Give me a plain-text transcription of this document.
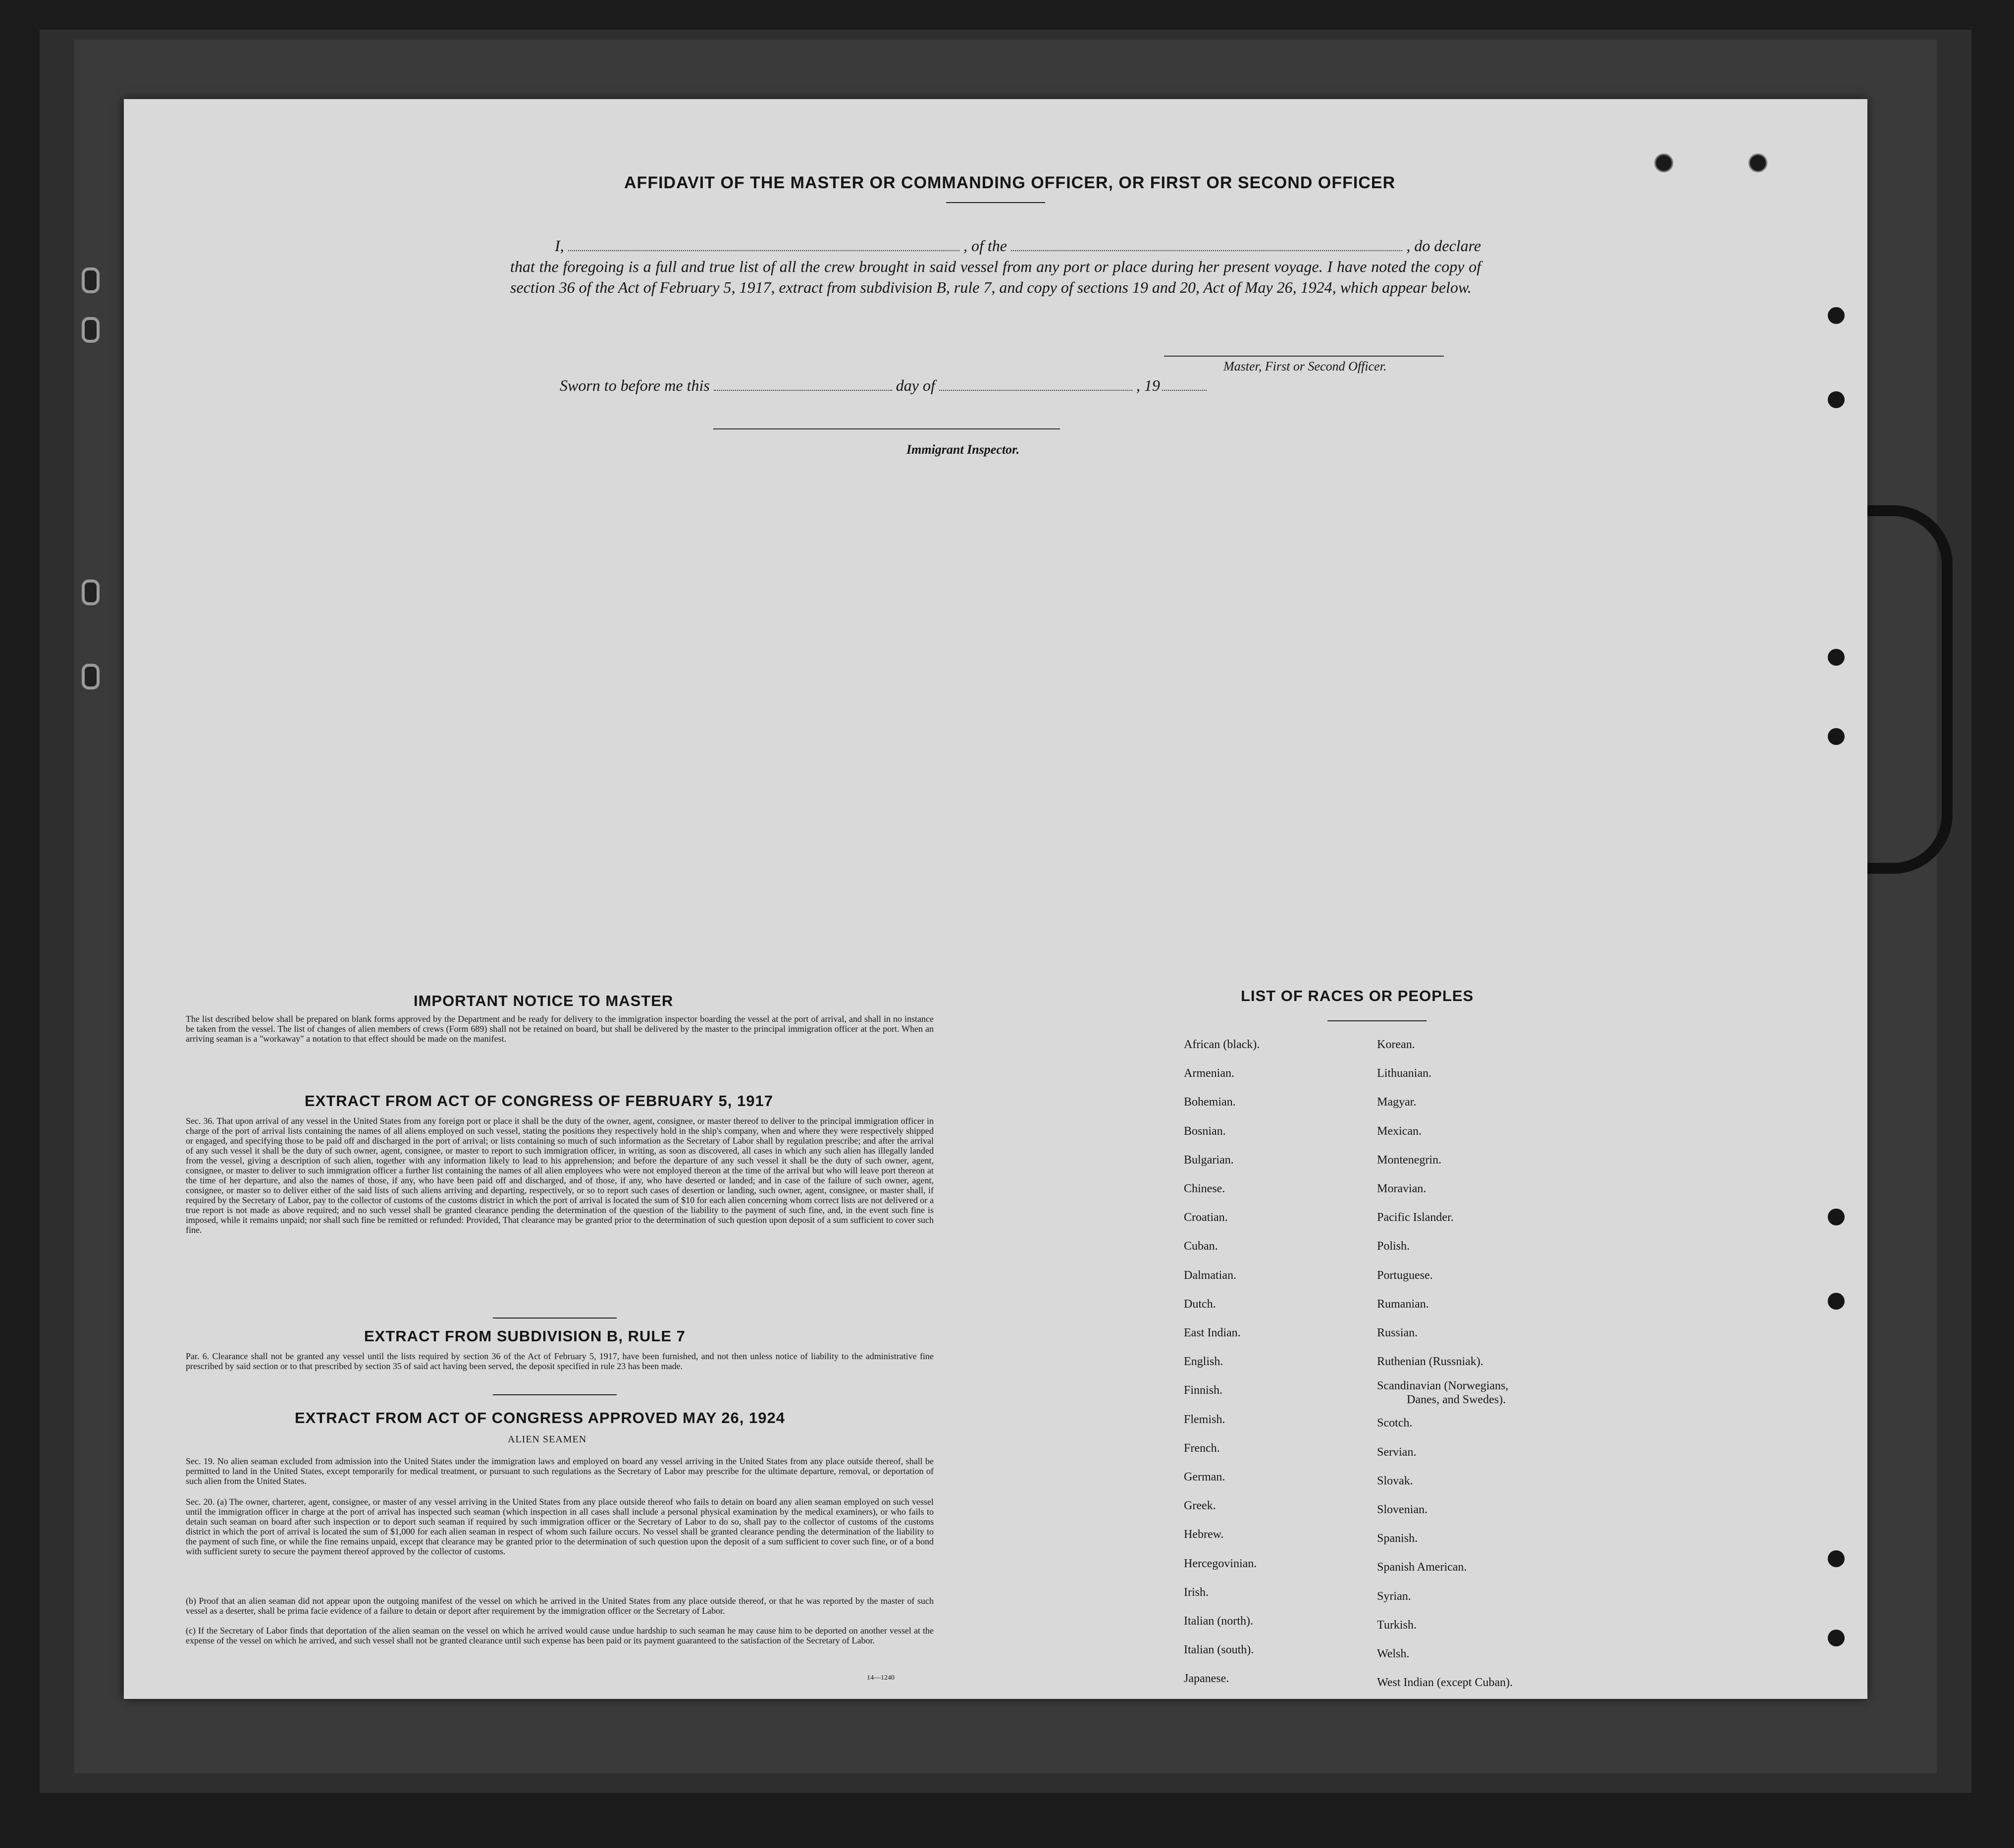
AFFIDAVIT OF THE MASTER OR COMMANDING OFFICER, OR FIRST OR SECOND OFFICER
I,	, of the	, do declare
that the foregoing is a full and true list of all the crew brought in said vessel from any port or place during her present voyage. I have noted the copy of section 36 of the Act of February 5, 1917, extract from subdivision B, rule 7, and copy of sections 19 and 20, Act of May 26, 1924, which appear below.
Master, First or Second Officer.
Sworn to before me this	day of	, 19
Immigrant Inspector.
IMPORTANT NOTICE TO MASTER
The list described below shall be prepared on blank forms approved by the Department and be ready for delivery to the immigration inspector boarding the vessel at the port of arrival, and shall in no instance be taken from the vessel. The list of changes of alien members of crews (Form 689) shall not be retained on board, but shall be delivered by the master to the principal immigration officer at the port. When an arriving seaman is a "workaway" a notation to that effect should be made on the manifest.
EXTRACT FROM ACT OF CONGRESS OF FEBRUARY 5, 1917
Sec. 36. That upon arrival of any vessel in the United States from any foreign port or place it shall be the duty of the owner, agent, consignee, or master thereof to deliver to the principal immigration officer in charge of the port of arrival lists containing the names of all aliens employed on such vessel, stating the positions they respectively hold in the ship's company, when and where they were respectively shipped or engaged, and specifying those to be paid off and discharged in the port of arrival; or lists containing so much of such information as the Secretary of Labor shall by regulation prescribe; and after the arrival of any such vessel it shall be the duty of such owner, agent, consignee, or master to report to such immigration officer, in writing, as soon as discovered, all cases in which any such alien has illegally landed from the vessel, giving a description of such alien, together with any information likely to lead to his apprehension; and before the departure of any such vessel it shall be the duty of such owner, agent, consignee, or master to deliver to such immigration officer a further list containing the names of all alien employees who were not employed thereon at the time of the arrival but who will leave port thereon at the time of her departure, and also the names of those, if any, who have been paid off and discharged, and of those, if any, who have deserted or landed; and in case of the failure of such owner, agent, consignee, or master so to deliver either of the said lists of such aliens arriving and departing, respectively, or so to report such cases of desertion or landing, such owner, agent, consignee, or master shall, if required by the Secretary of Labor, pay to the collector of customs of the customs district in which the port of arrival is located the sum of $10 for each alien concerning whom correct lists are not delivered or a true report is not made as above required; and no such vessel shall be granted clearance pending the determination of the question of the liability to the payment of such fine, and, in the event such fine is imposed, while it remains unpaid; nor shall such fine be remitted or refunded: Provided, That clearance may be granted prior to the determination of such question upon deposit of a sum sufficient to cover such fine.
EXTRACT FROM SUBDIVISION B, RULE 7
Par. 6. Clearance shall not be granted any vessel until the lists required by section 36 of the Act of February 5, 1917, have been furnished, and not then unless notice of liability to the administrative fine prescribed by said section or to that prescribed by section 35 of said act having been served, the deposit specified in rule 23 has been made.
EXTRACT FROM ACT OF CONGRESS APPROVED MAY 26, 1924
ALIEN SEAMEN
Sec. 19. No alien seaman excluded from admission into the United States under the immigration laws and employed on board any vessel arriving in the United States from any place outside thereof, shall be permitted to land in the United States, except temporarily for medical treatment, or pursuant to such regulations as the Secretary of Labor may prescribe for the ultimate departure, removal, or deportation of such alien from the United States.
Sec. 20. (a) The owner, charterer, agent, consignee, or master of any vessel arriving in the United States from any place outside thereof who fails to detain on board any alien seaman employed on such vessel until the immigration officer in charge at the port of arrival has inspected such seaman (which inspection in all cases shall include a personal physical examination by the medical examiners), or who fails to detain such seaman on board after such inspection or to deport such seaman if required by such immigration officer or the Secretary of Labor to do so, shall pay to the collector of customs of the customs district in which the port of arrival is located the sum of $1,000 for each alien seaman in respect of whom such failure occurs. No vessel shall be granted clearance pending the determination of the liability to the payment of such fine, or while the fine remains unpaid, except that clearance may be granted prior to the determination of such question upon the deposit of a sum sufficient to cover such fine, or of a bond with sufficient surety to secure the payment thereof approved by the collector of customs.
(b) Proof that an alien seaman did not appear upon the outgoing manifest of the vessel on which he arrived in the United States from any place outside thereof, or that he was reported by the master of such vessel as a deserter, shall be prima facie evidence of a failure to detain or deport after requirement by the immigration officer or the Secretary of Labor.
(c) If the Secretary of Labor finds that deportation of the alien seaman on the vessel on which he arrived would cause undue hardship to such seaman he may cause him to be deported on another vessel at the expense of the vessel on which he arrived, and such vessel shall not be granted clearance until such expense has been paid or its payment guaranteed to the satisfaction of the Secretary of Labor.
14—1240
LIST OF RACES OR PEOPLES
African (black).
Armenian.
Bohemian.
Bosnian.
Bulgarian.
Chinese.
Croatian.
Cuban.
Dalmatian.
Dutch.
East Indian.
English.
Finnish.
Flemish.
French.
German.
Greek.
Hebrew.
Hercegovinian.
Irish.
Italian (north).
Italian (south).
Japanese.
Korean.
Lithuanian.
Magyar.
Mexican.
Montenegrin.
Moravian.
Pacific Islander.
Polish.
Portuguese.
Rumanian.
Russian.
Ruthenian (Russniak).
Scandinavian (Norwegians,
Danes, and Swedes).
Scotch.
Servian.
Slovak.
Slovenian.
Spanish.
Spanish American.
Syrian.
Turkish.
Welsh.
West Indian (except Cuban).
